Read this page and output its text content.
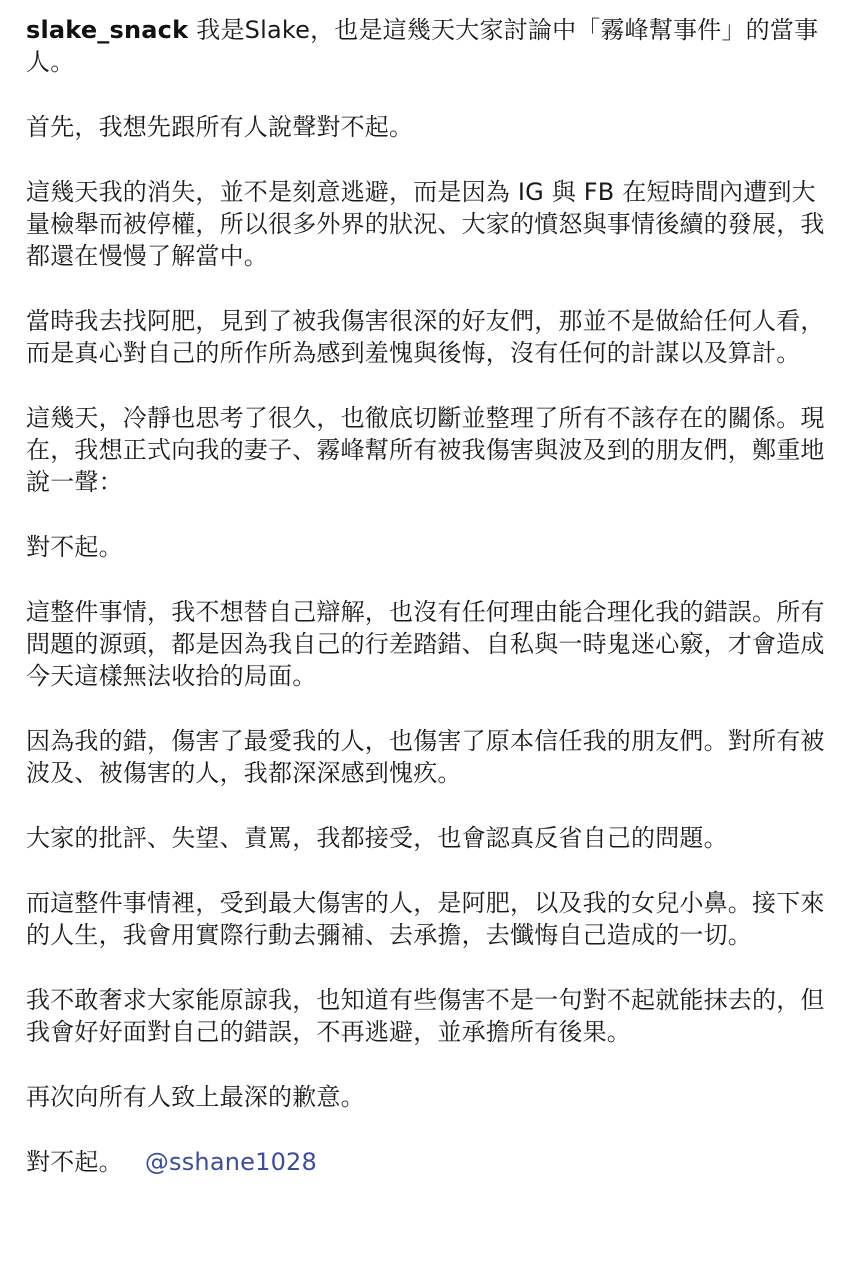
slake_snack 我是Slake，也是這幾天大家討論中「霧峰幫事件」的當事人。

首先，我想先跟所有人說聲對不起。

這幾天我的消失，並不是刻意逃避，而是因為 IG 與 FB 在短時間內遭到大量檢舉而被停權，所以很多外界的狀況、大家的憤怒與事情後續的發展，我都還在慢慢了解當中。

當時我去找阿肥，見到了被我傷害很深的好友們，那並不是做給任何人看，而是真心對自己的所作所為感到羞愧與後悔，沒有任何的計謀以及算計。

這幾天，冷靜也思考了很久，也徹底切斷並整理了所有不該存在的關係。現在，我想正式向我的妻子、霧峰幫所有被我傷害與波及到的朋友們，鄭重地說一聲：

對不起。

這整件事情，我不想替自己辯解，也沒有任何理由能合理化我的錯誤。所有問題的源頭，都是因為我自己的行差踏錯、自私與一時鬼迷心竅，才會造成今天這樣無法收拾的局面。

因為我的錯，傷害了最愛我的人，也傷害了原本信任我的朋友們。對所有被波及、被傷害的人，我都深深感到愧疚。

大家的批評、失望、責罵，我都接受，也會認真反省自己的問題。

而這整件事情裡，受到最大傷害的人，是阿肥，以及我的女兒小鼻。接下來的人生，我會用實際行動去彌補、去承擔，去懺悔自己造成的一切。

我不敢奢求大家能原諒我，也知道有些傷害不是一句對不起就能抹去的，但我會好好面對自己的錯誤，不再逃避，並承擔所有後果。

再次向所有人致上最深的歉意。

對不起。 @sshane1028
